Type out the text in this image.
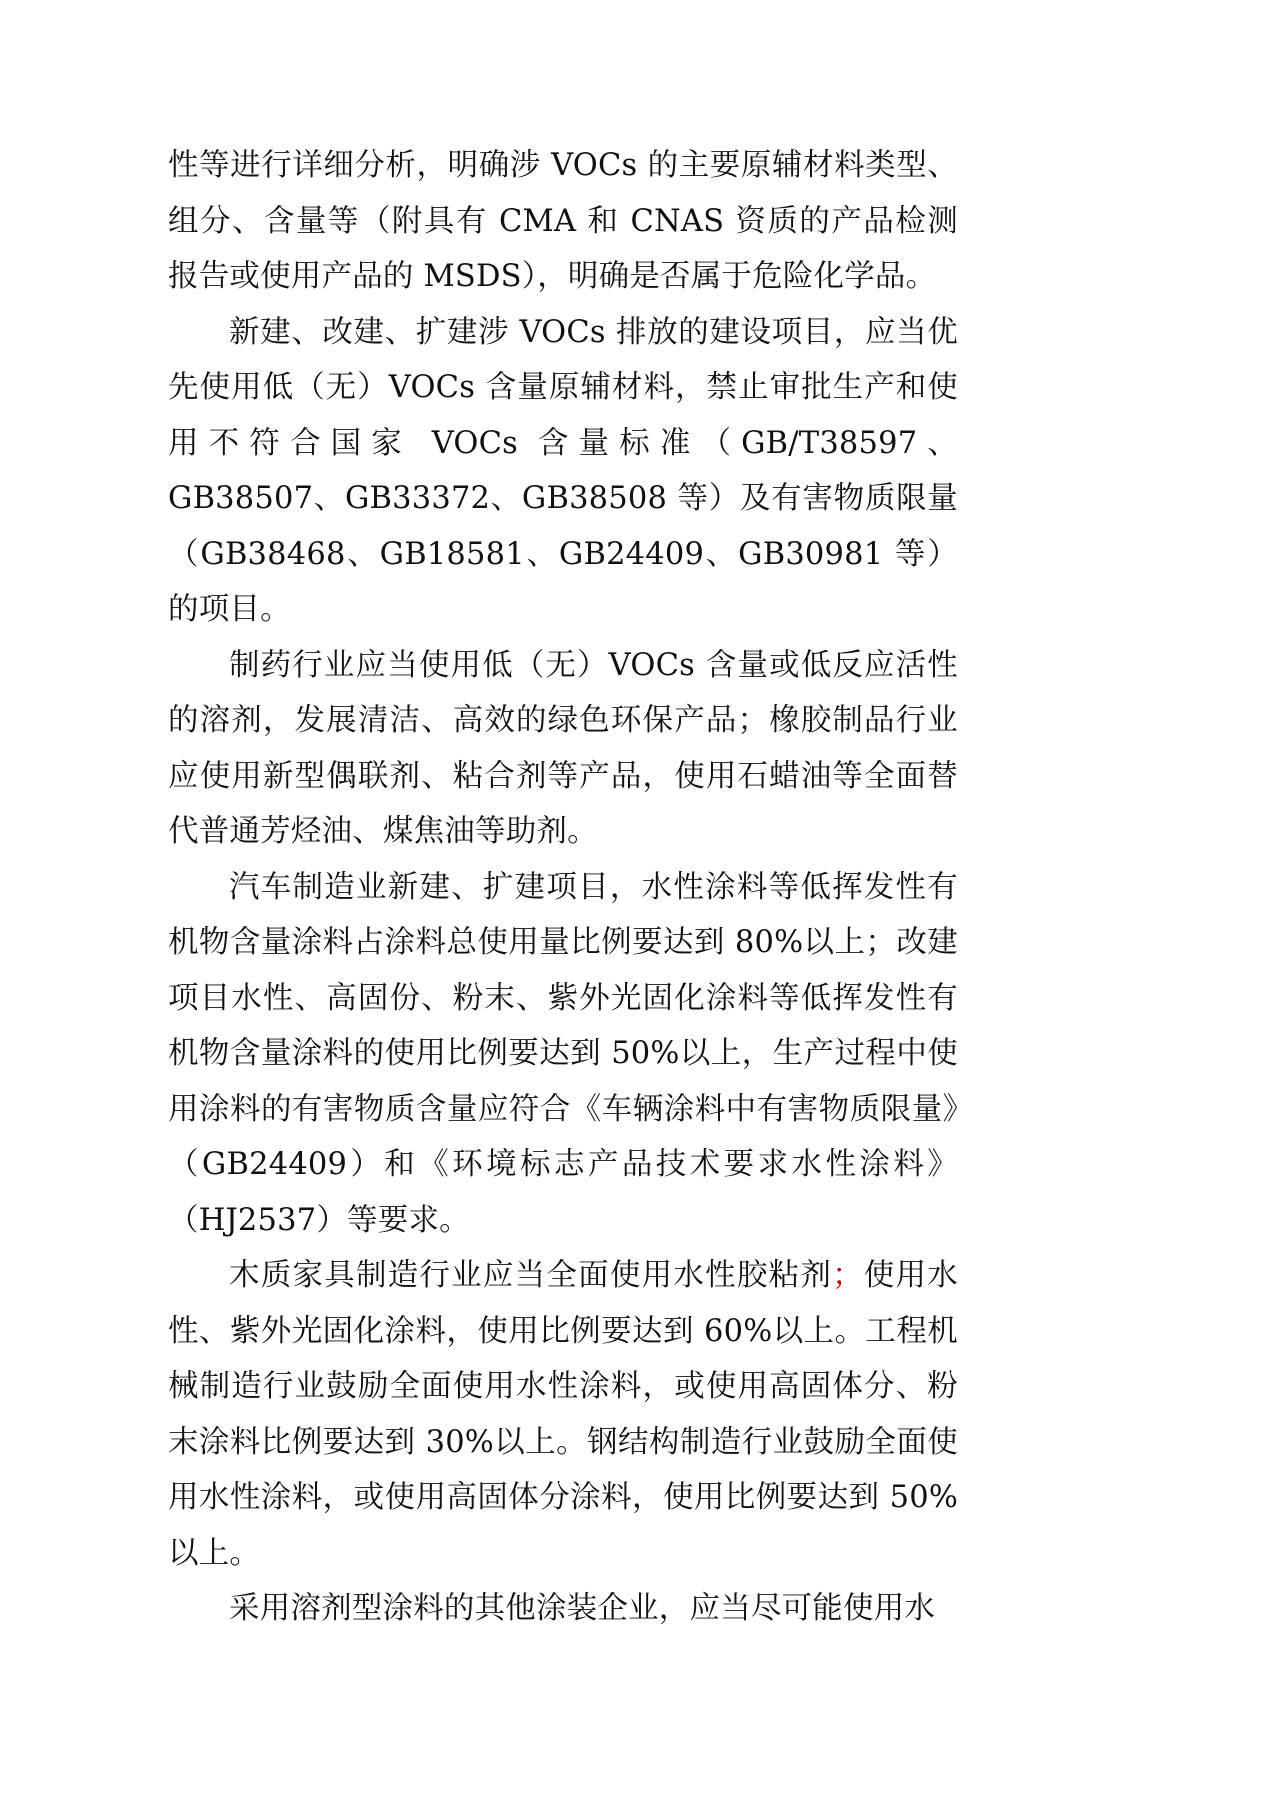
性等进行详细分析，明确涉 VOCs 的主要原辅材料类型、组分、含量等（附具有 CMA 和 CNAS 资质的产品检测报告或使用产品的 MSDS），明确是否属于危险化学品。

新建、改建、扩建涉 VOCs 排放的建设项目，应当优先使用低（无）VOCs 含量原辅材料，禁止审批生产和使用不符合国家 VOCs 含量标准（GB/T38597、GB38507、GB33372、GB38508 等）及有害物质限量（GB38468、GB18581、GB24409、GB30981 等）的项目。

制药行业应当使用低（无）VOCs 含量或低反应活性的溶剂，发展清洁、高效的绿色环保产品；橡胶制品行业应使用新型偶联剂、粘合剂等产品，使用石蜡油等全面替代普通芳烃油、煤焦油等助剂。

汽车制造业新建、扩建项目，水性涂料等低挥发性有机物含量涂料占涂料总使用量比例要达到 80%以上；改建项目水性、高固份、粉末、紫外光固化涂料等低挥发性有机物含量涂料的使用比例要达到 50%以上，生产过程中使用涂料的有害物质含量应符合《车辆涂料中有害物质限量》（GB24409）和《环境标志产品技术要求水性涂料》（HJ2537）等要求。

木质家具制造行业应当全面使用水性胶粘剂；使用水性、紫外光固化涂料，使用比例要达到 60%以上。工程机械制造行业鼓励全面使用水性涂料，或使用高固体分、粉末涂料比例要达到 30%以上。钢结构制造行业鼓励全面使用水性涂料，或使用高固体分涂料，使用比例要达到 50%以上。

采用溶剂型涂料的其他涂装企业，应当尽可能使用水
